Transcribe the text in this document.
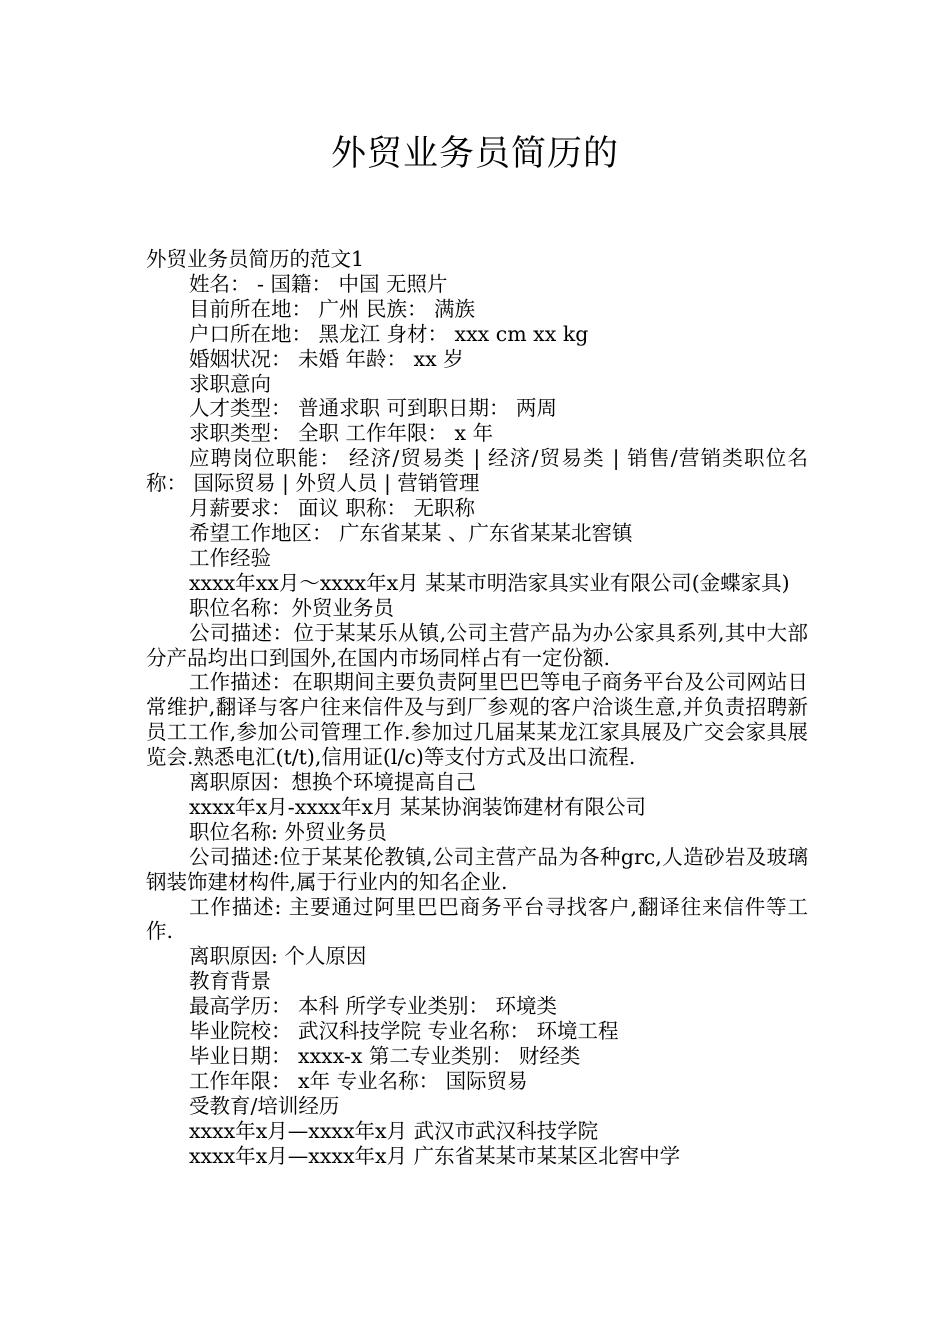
外贸业务员简历的

外贸业务员简历的范文1

姓名： - 国籍： 中国 无照片

目前所在地： 广州 民族： 满族

户口所在地： 黑龙江 身材： xxx cm xx kg

婚姻状况： 未婚 年龄： xx 岁

求职意向

人才类型： 普通求职 可到职日期： 两周

求职类型： 全职 工作年限： x 年

应聘岗位职能： 经济/贸易类 | 经济/贸易类 | 销售/营销类职位名称： 国际贸易 | 外贸人员 | 营销管理

月薪要求： 面议 职称： 无职称

希望工作地区： 广东省某某 、广东省某某北窖镇

工作经验

xxxx年xx月～xxxx年x月 某某市明浩家具实业有限公司(金蝶家具)

职位名称：外贸业务员

公司描述：位于某某乐从镇,公司主营产品为办公家具系列,其中大部分产品均出口到国外,在国内市场同样占有一定份额.

工作描述：在职期间主要负责阿里巴巴等电子商务平台及公司网站日常维护,翻译与客户往来信件及与到厂参观的客户洽谈生意,并负责招聘新员工工作,参加公司管理工作.参加过几届某某龙江家具展及广交会家具展览会.熟悉电汇(t/t),信用证(l/c)等支付方式及出口流程.

离职原因：想换个环境提高自己

xxxx年x月-xxxx年x月 某某协润装饰建材有限公司

职位名称: 外贸业务员

公司描述:位于某某伦教镇,公司主营产品为各种grc,人造砂岩及玻璃钢装饰建材构件,属于行业内的知名企业.

工作描述: 主要通过阿里巴巴商务平台寻找客户,翻译往来信件等工作.

离职原因: 个人原因

教育背景

最高学历： 本科 所学专业类别： 环境类

毕业院校： 武汉科技学院 专业名称： 环境工程

毕业日期： xxxx-x 第二专业类别： 财经类

工作年限： x年 专业名称： 国际贸易

受教育/培训经历

xxxx年x月—xxxx年x月 武汉市武汉科技学院

xxxx年x月—xxxx年x月 广东省某某市某某区北窖中学
